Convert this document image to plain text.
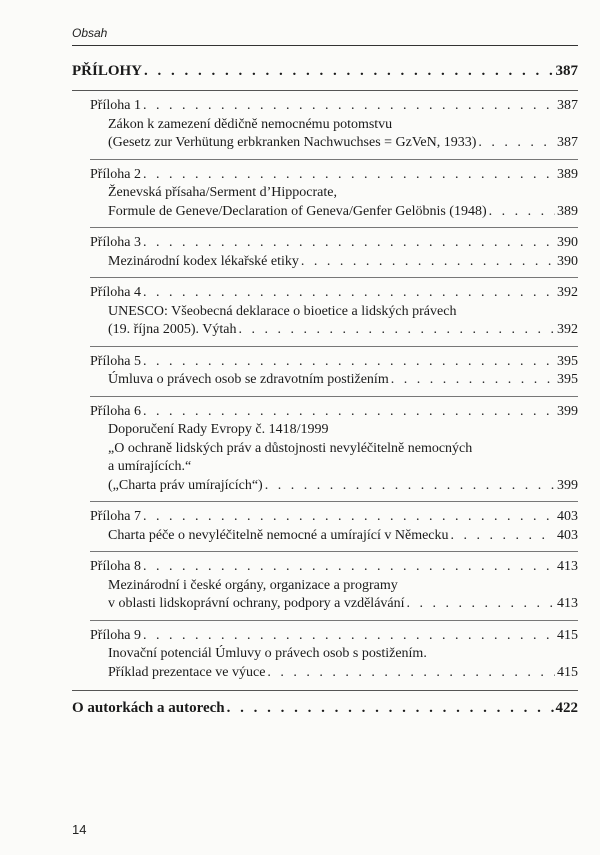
Obsah
PŘÍLOHY . . .	387
Příloha 1 . . .	387
Zákon k zamezení dědičně nemocnému potomstvu
(Gesetz zur Verhütung erbkranken Nachwuchses = GzVeN, 1933) . . .	387
Příloha 2 . . .	389
Ženevská přísaha/Serment d’Hippocrate,
Formule de Geneve/Declaration of Geneva/Genfer Gelöbnis (1948) . . .	389
Příloha 3 . . .	390
Mezinárodní kodex lékařské etiky . . .	390
Příloha 4 . . .	392
UNESCO: Všeobecná deklarace o bioetice a lidských právech
(19. října 2005). Výtah . . .	392
Příloha 5 . . .	395
Úmluva o právech osob se zdravotním postižením . . .	395
Příloha 6 . . .	399
Doporučení Rady Evropy č. 1418/1999
„O ochraně lidských práv a důstojnosti nevyléčitelně nemocných
a umírajících.“
(„Charta práv umírajících“) . . .	399
Příloha 7 . . .	403
Charta péče o nevyléčitelně nemocné a umírající v Německu . . .	403
Příloha 8 . . .	413
Mezinárodní i české orgány, organizace a programy
v oblasti lidskoprávní ochrany, podpory a vzdělávání . . .	413
Příloha 9 . . .	415
Inovační potenciál Úmluvy o právech osob s postižením.
Příklad prezentace ve výuce . . .	415
O autorkách a autorech . . .	422
14
